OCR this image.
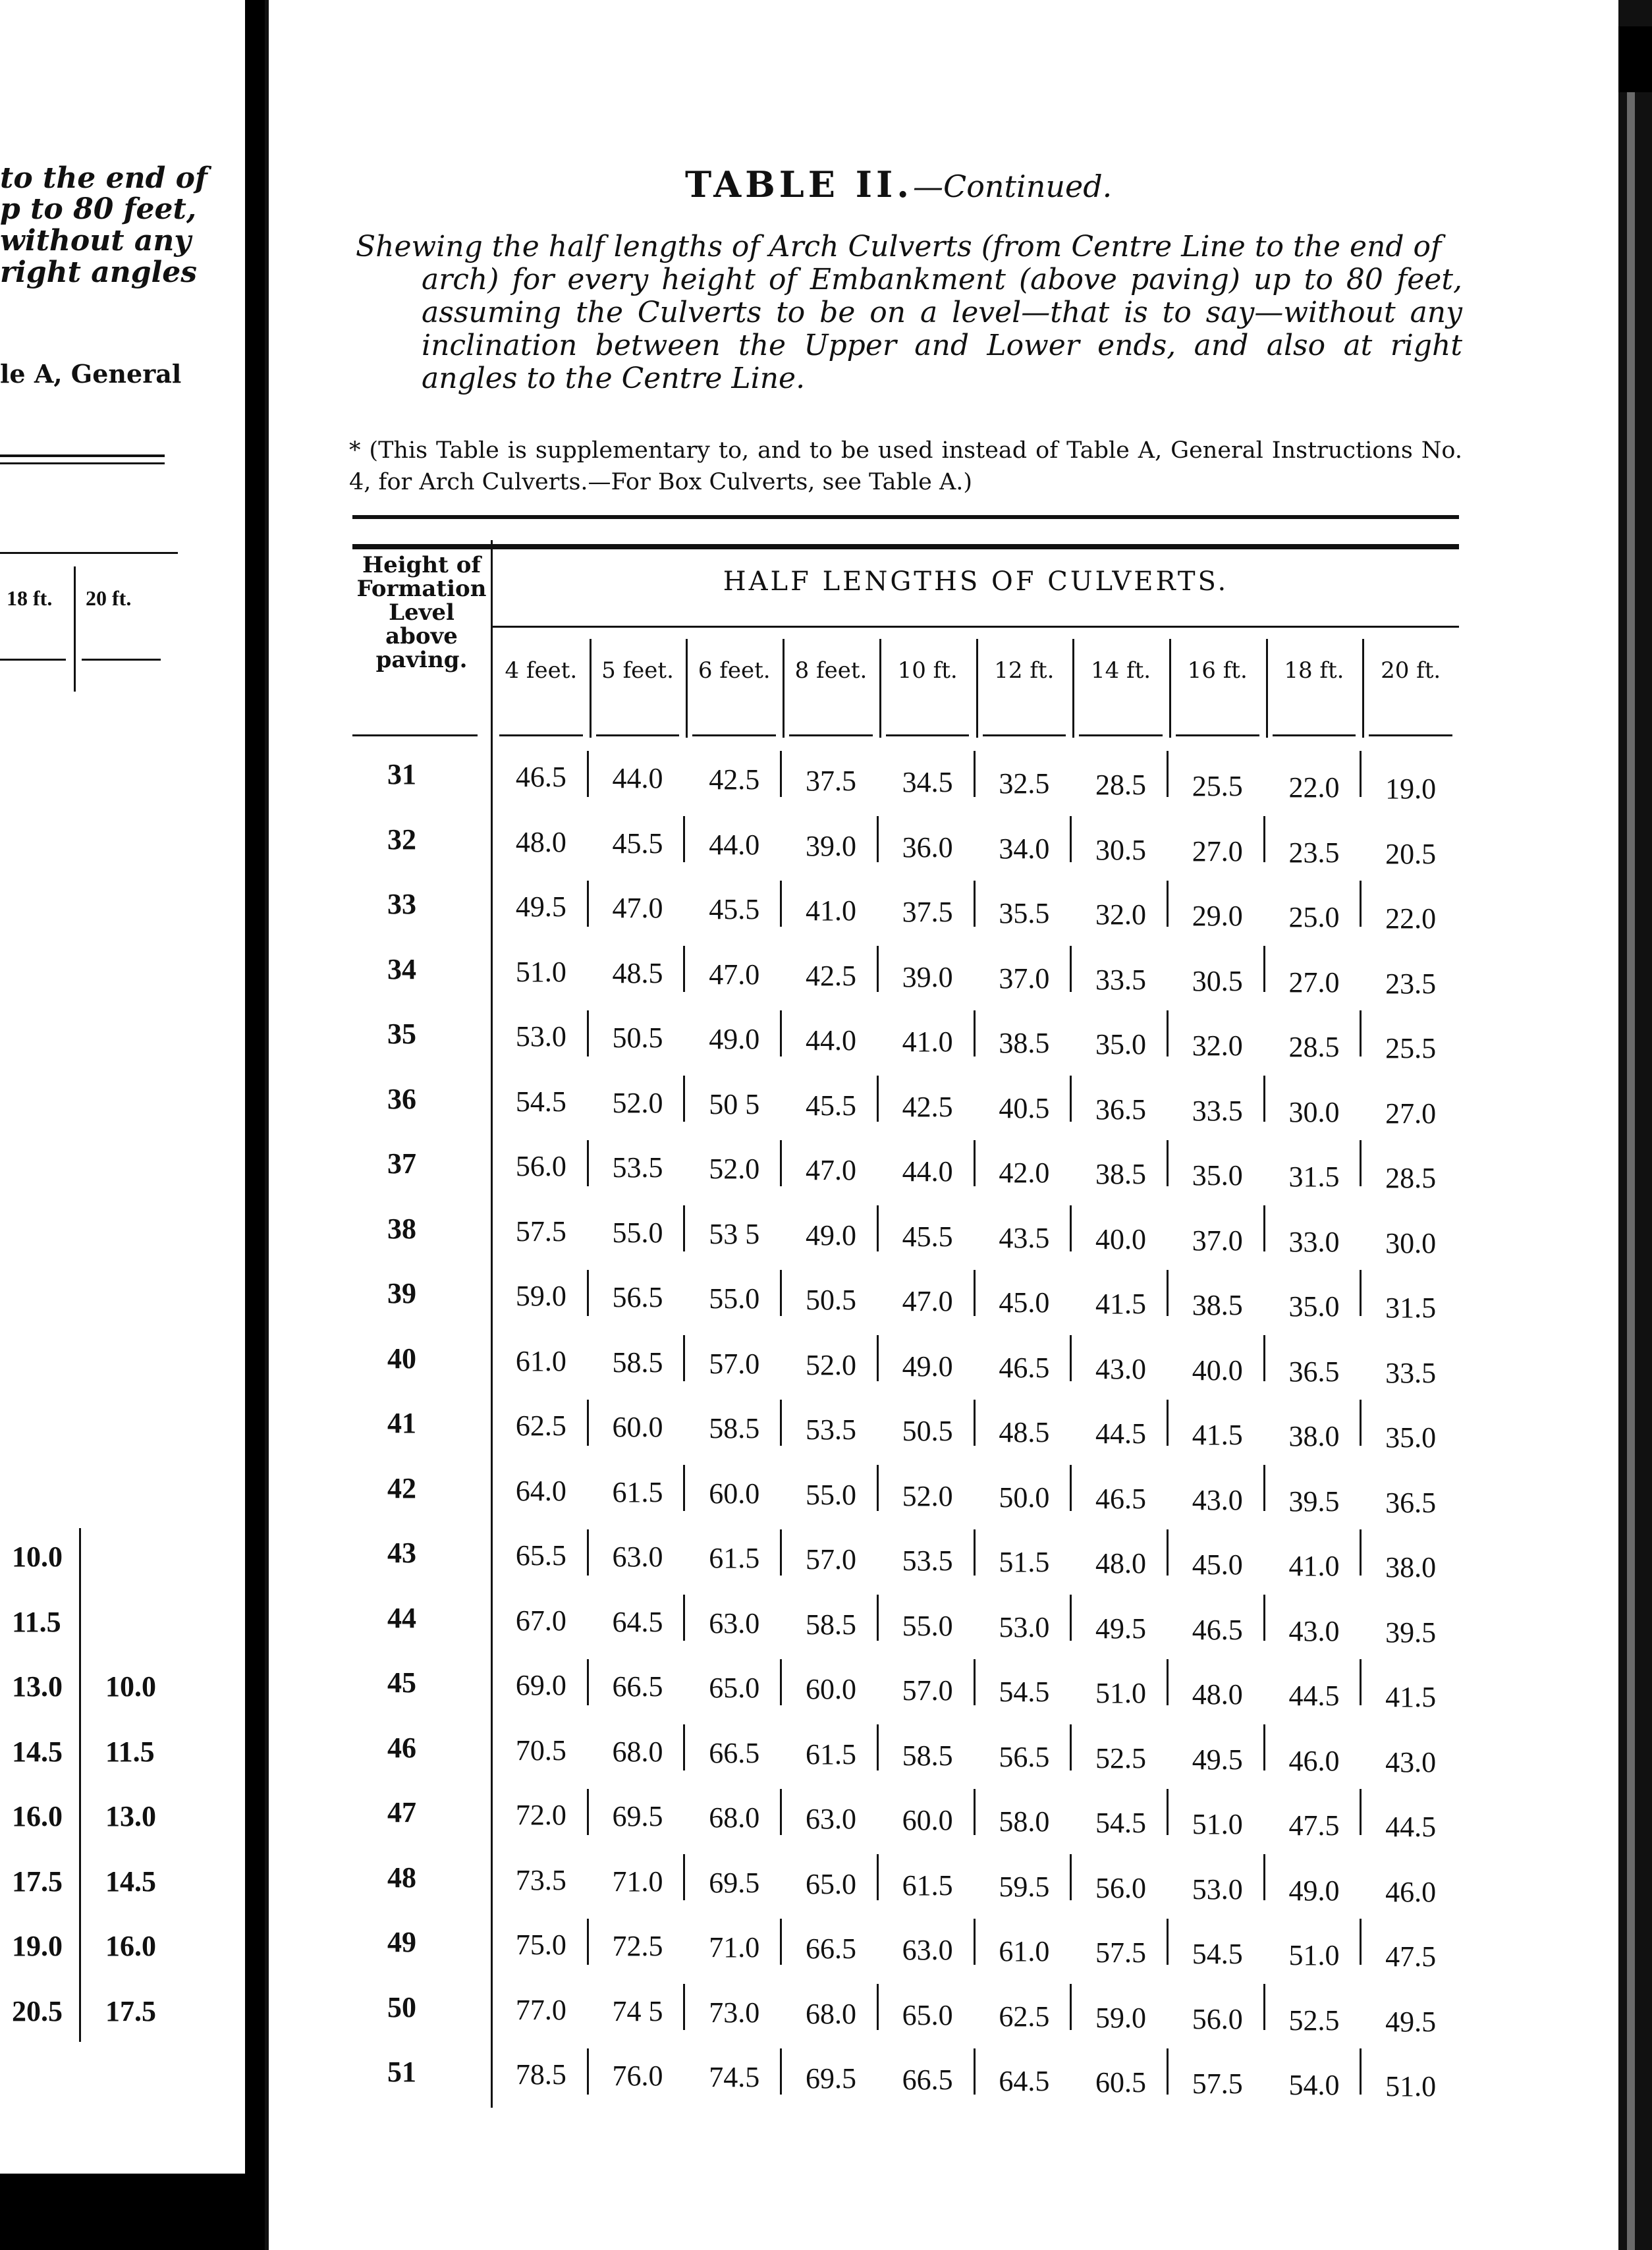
to the end of
p to 80 feet,
without any
right angles
le A, General
18 ft. 20 ft.
10.0
11.5
13.0 10.0
14.5 11.5
16.0 13.0
17.5 14.5
19.0 16.0
20.5 17.5
TABLE II.—Continued.
Shewing the half lengths of Arch Culverts (from Centre Line to the end of
arch) for every height of Embankment (above paving) up to 80 feet, assuming the Culverts to be on a level—that is to say—without any inclination between the Upper and Lower ends, and also at right angles to the Centre Line.
* (This Table is supplementary to, and to be used instead of Table A, General Instructions No. 4, for Arch Culverts.—For Box Culverts, see Table A.)
Height of
Formation
Level
above
paving.
HALF LENGTHS OF CULVERTS.
4 feet.	5 feet.	6 feet.	8 feet.	10 ft.	12 ft.	14 ft.	16 ft.	18 ft.	20 ft.
31	46.5	44.0	42.5	37.5	34.5	32.5	28.5	25.5	22.0	19.0
32	48.0	45.5	44.0	39.0	36.0	34.0	30.5	27.0	23.5	20.5
33	49.5	47.0	45.5	41.0	37.5	35.5	32.0	29.0	25.0	22.0
34	51.0	48.5	47.0	42.5	39.0	37.0	33.5	30.5	27.0	23.5
35	53.0	50.5	49.0	44.0	41.0	38.5	35.0	32.0	28.5	25.5
36	54.5	52.0	50 5	45.5	42.5	40.5	36.5	33.5	30.0	27.0
37	56.0	53.5	52.0	47.0	44.0	42.0	38.5	35.0	31.5	28.5
38	57.5	55.0	53 5	49.0	45.5	43.5	40.0	37.0	33.0	30.0
39	59.0	56.5	55.0	50.5	47.0	45.0	41.5	38.5	35.0	31.5
40	61.0	58.5	57.0	52.0	49.0	46.5	43.0	40.0	36.5	33.5
41	62.5	60.0	58.5	53.5	50.5	48.5	44.5	41.5	38.0	35.0
42	64.0	61.5	60.0	55.0	52.0	50.0	46.5	43.0	39.5	36.5
43	65.5	63.0	61.5	57.0	53.5	51.5	48.0	45.0	41.0	38.0
44	67.0	64.5	63.0	58.5	55.0	53.0	49.5	46.5	43.0	39.5
45	69.0	66.5	65.0	60.0	57.0	54.5	51.0	48.0	44.5	41.5
46	70.5	68.0	66.5	61.5	58.5	56.5	52.5	49.5	46.0	43.0
47	72.0	69.5	68.0	63.0	60.0	58.0	54.5	51.0	47.5	44.5
48	73.5	71.0	69.5	65.0	61.5	59.5	56.0	53.0	49.0	46.0
49	75.0	72.5	71.0	66.5	63.0	61.0	57.5	54.5	51.0	47.5
50	77.0	74 5	73.0	68.0	65.0	62.5	59.0	56.0	52.5	49.5
51	78.5	76.0	74.5	69.5	66.5	64.5	60.5	57.5	54.0	51.0
